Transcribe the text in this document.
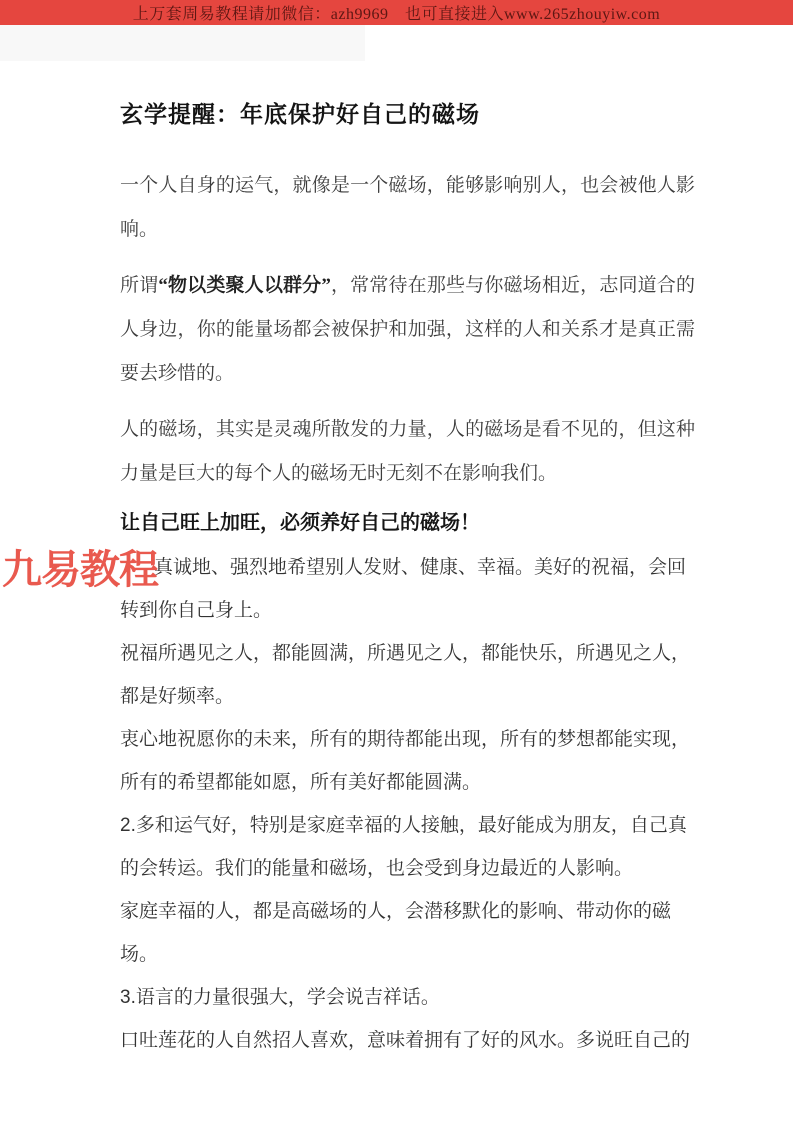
上万套周易教程请加微信：azh9969　也可直接进入www.265zhouyiw.com
玄学提醒：年底保护好自己的磁场

一个人自身的运气，就像是一个磁场，能够影响别人，也会被他人影响。

所谓“物以类聚人以群分”，常常待在那些与你磁场相近，志同道合的人身边，你的能量场都会被保护和加强，这样的人和关系才是真正需要去珍惜的。

人的磁场，其实是灵魂所散发的力量，人的磁场是看不见的，但这种力量是巨大的每个人的磁场无时无刻不在影响我们。

让自己旺上加旺，必须养好自己的磁场！

真诚地、强烈地希望别人发财、健康、幸福。美好的祝福，会回转到你自己身上。

祝福所遇见之人，都能圆满，所遇见之人，都能快乐，所遇见之人，都是好频率。

衷心地祝愿你的未来，所有的期待都能出现，所有的梦想都能实现，所有的希望都能如愿，所有美好都能圆满。

2.多和运气好，特别是家庭幸福的人接触，最好能成为朋友，自己真的会转运。我们的能量和磁场，也会受到身边最近的人影响。

家庭幸福的人，都是高磁场的人，会潜移默化的影响、带动你的磁场。

3.语言的力量很强大，学会说吉祥话。

口吐莲花的人自然招人喜欢，意味着拥有了好的风水。多说旺自己的

九易教程
